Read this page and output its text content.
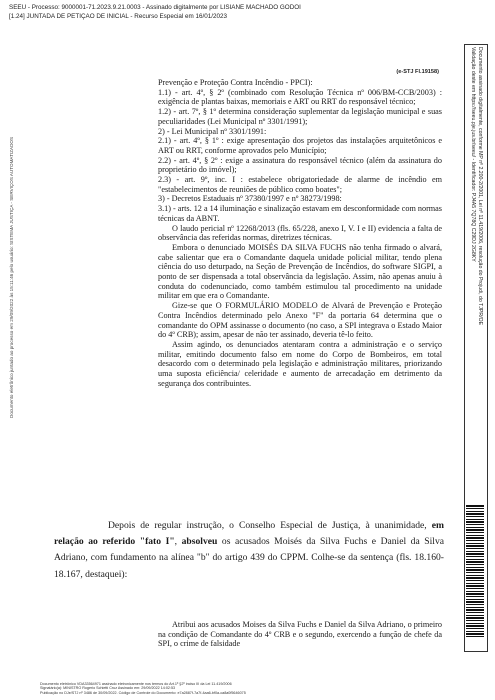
SEEU - Processo: 9000001-71.2023.9.21.0003 - Assinado digitalmente por LISIANE MACHADO GODOI
[1.24] JUNTADA DE PETIÇÃO DE INICIAL - Recurso Especial em 16/01/2023
(e-STJ Fl.19158)

Prevenção e Proteção Contra Incêndio - PPCI):

1.1) - art. 4º, § 2º (combinado com Resolução Técnica nº 006/BM-CCB/2003) : exigência de plantas baixas, memoriais e ART ou RRT do responsável técnico;

1.2) - art. 7º, § 1º determina consideração suplementar da legislação municipal e suas peculiaridades (Lei Municipal nº 3301/1991);

2) - Lei Municipal nº 3301/1991:

2.1) - art. 4º, § 1º : exige apresentação dos projetos das instalações arquitetônicos e ART ou RRT, conforme aprovados pelo Município;

2.2) - art. 4º, § 2º : exige a assinatura do responsável técnico (além da assinatura do proprietário do imóvel);

2.3) - art. 9º, inc. I : estabelece obrigatoriedade de alarme de incêndio em "estabelecimentos de reuniões de público como boates";

3) - Decretos Estaduais nº 37380/1997 e nº 38273/1998:

3.1) - arts. 12 a 14 iluminação e sinalização estavam em desconformidade com normas técnicas da ABNT.

O laudo pericial nº 12268/2013 (fls. 65/228, anexo I, V. I e II) evidencia a falta de observância das referidas normas, diretrizes técnicas.

Embora o denunciado MOISÉS DA SILVA FUCHS não tenha firmado o alvará, cabe salientar que era o Comandante daquela unidade policial militar, tendo plena ciência do uso deturpado, na Seção de Prevenção de Incêndios, do software SIGPI, a ponto de ser dispensada a total observância da legislação. Assim, não apenas anuiu à conduta do codenunciado, como também estimulou tal procedimento na unidade militar em que era o Comandante.

Gize-se que O FORMULÁRIO MODELO de Alvará de Prevenção e Proteção Contra Incêndios determinado pelo Anexo "F" da portaria 64 determina que o comandante do OPM assinasse o documento (no caso, a SPI integrava o Estado Maior do 4º CRB); assim, apesar de não ter assinado, deveria tê-lo feito.

Assim agindo, os denunciados atentaram contra a administração e o serviço militar, emitindo documento falso em nome do Corpo de Bombeiros, em total desacordo com o determinado pela legislação e administração militares, priorizando uma suposta eficiência/ celeridade e aumento de arrecadação em detrimento da segurança dos contribuintes.

Depois de regular instrução, o Conselho Especial de Justiça, à unanimidade, em relação ao referido "fato I", absolveu os acusados Moisés da Silva Fuchs e Daniel da Silva Adriano, com fundamento na alínea "b" do artigo 439 do CPPM. Colhe-se da sentença (fls. 18.160-18.167, destaquei):

Atribui aos acusados Moises da Silva Fuchs e Daniel da Silva Adriano, o primeiro na condição de Comandante do 4º CRB e o segundo, exercendo a função de chefe da SPI, o crime de falsidade

Documento eletrônico juntado ao processo em 29/09/2022 às 15:11:46 pelo usuário: SISTEMA JUSTIÇA - SERVIÇOS AUTOMATIZADOS	Documento assinado digitalmente, conforme MP nº 2.200-2/2001, Lei nº 11.419/2006, resolução do Projudi, do TJPR/OE
Validação deste em https://seeu.pje.jus.br/seeu/ - Identificador: PJ4A5 7Q78Q C29DJ 2G8KY
Documento eletrônico VDA33564971 assinado eletronicamente nos termos do Art.1º §2º inciso III da Lei 11.419/2006
Signatário(a): MINISTRO Rogerio Schietti Cruz Assinado em: 29/09/2022 14:02:53
Publicação no DJe/STJ nº 3486 de 30/09/2022. Código de Controle do Documento: e7a2887f-7a7f-4aa6-bf0a-ca8a0f5646075
